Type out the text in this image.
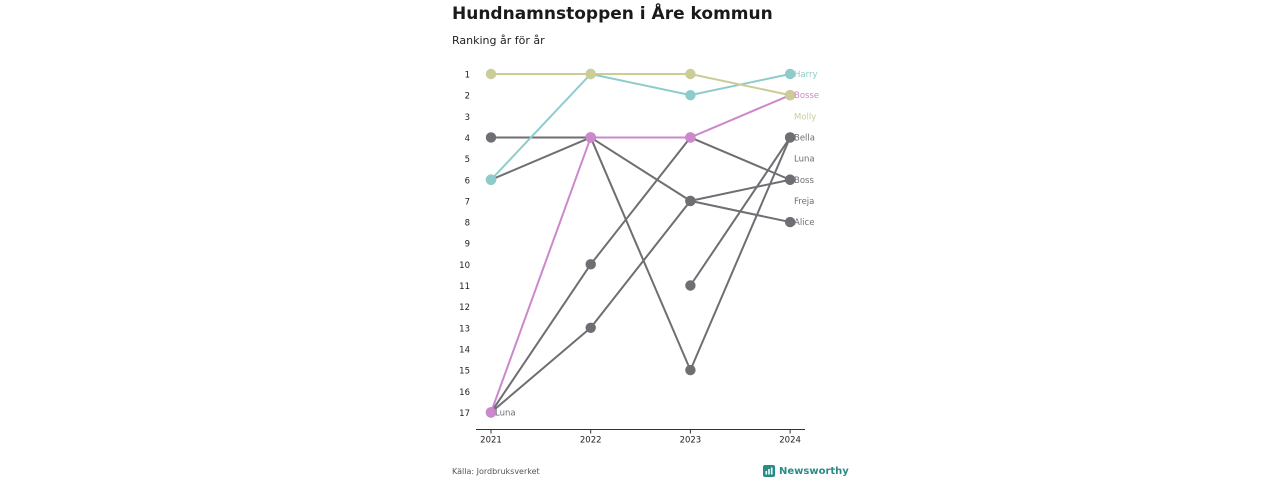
Hundnamnstoppen i Åre kommun
Ranking år för år
1
2
3
4
5
6
7
8
9
10
11
12
13
14
15
16
17
2021	2022	2023	2024
Harry
Bosse
Molly
Bella
Luna
Boss
Freja
Alice
Luna
Källa: Jordbruksverket	Newsworthy
